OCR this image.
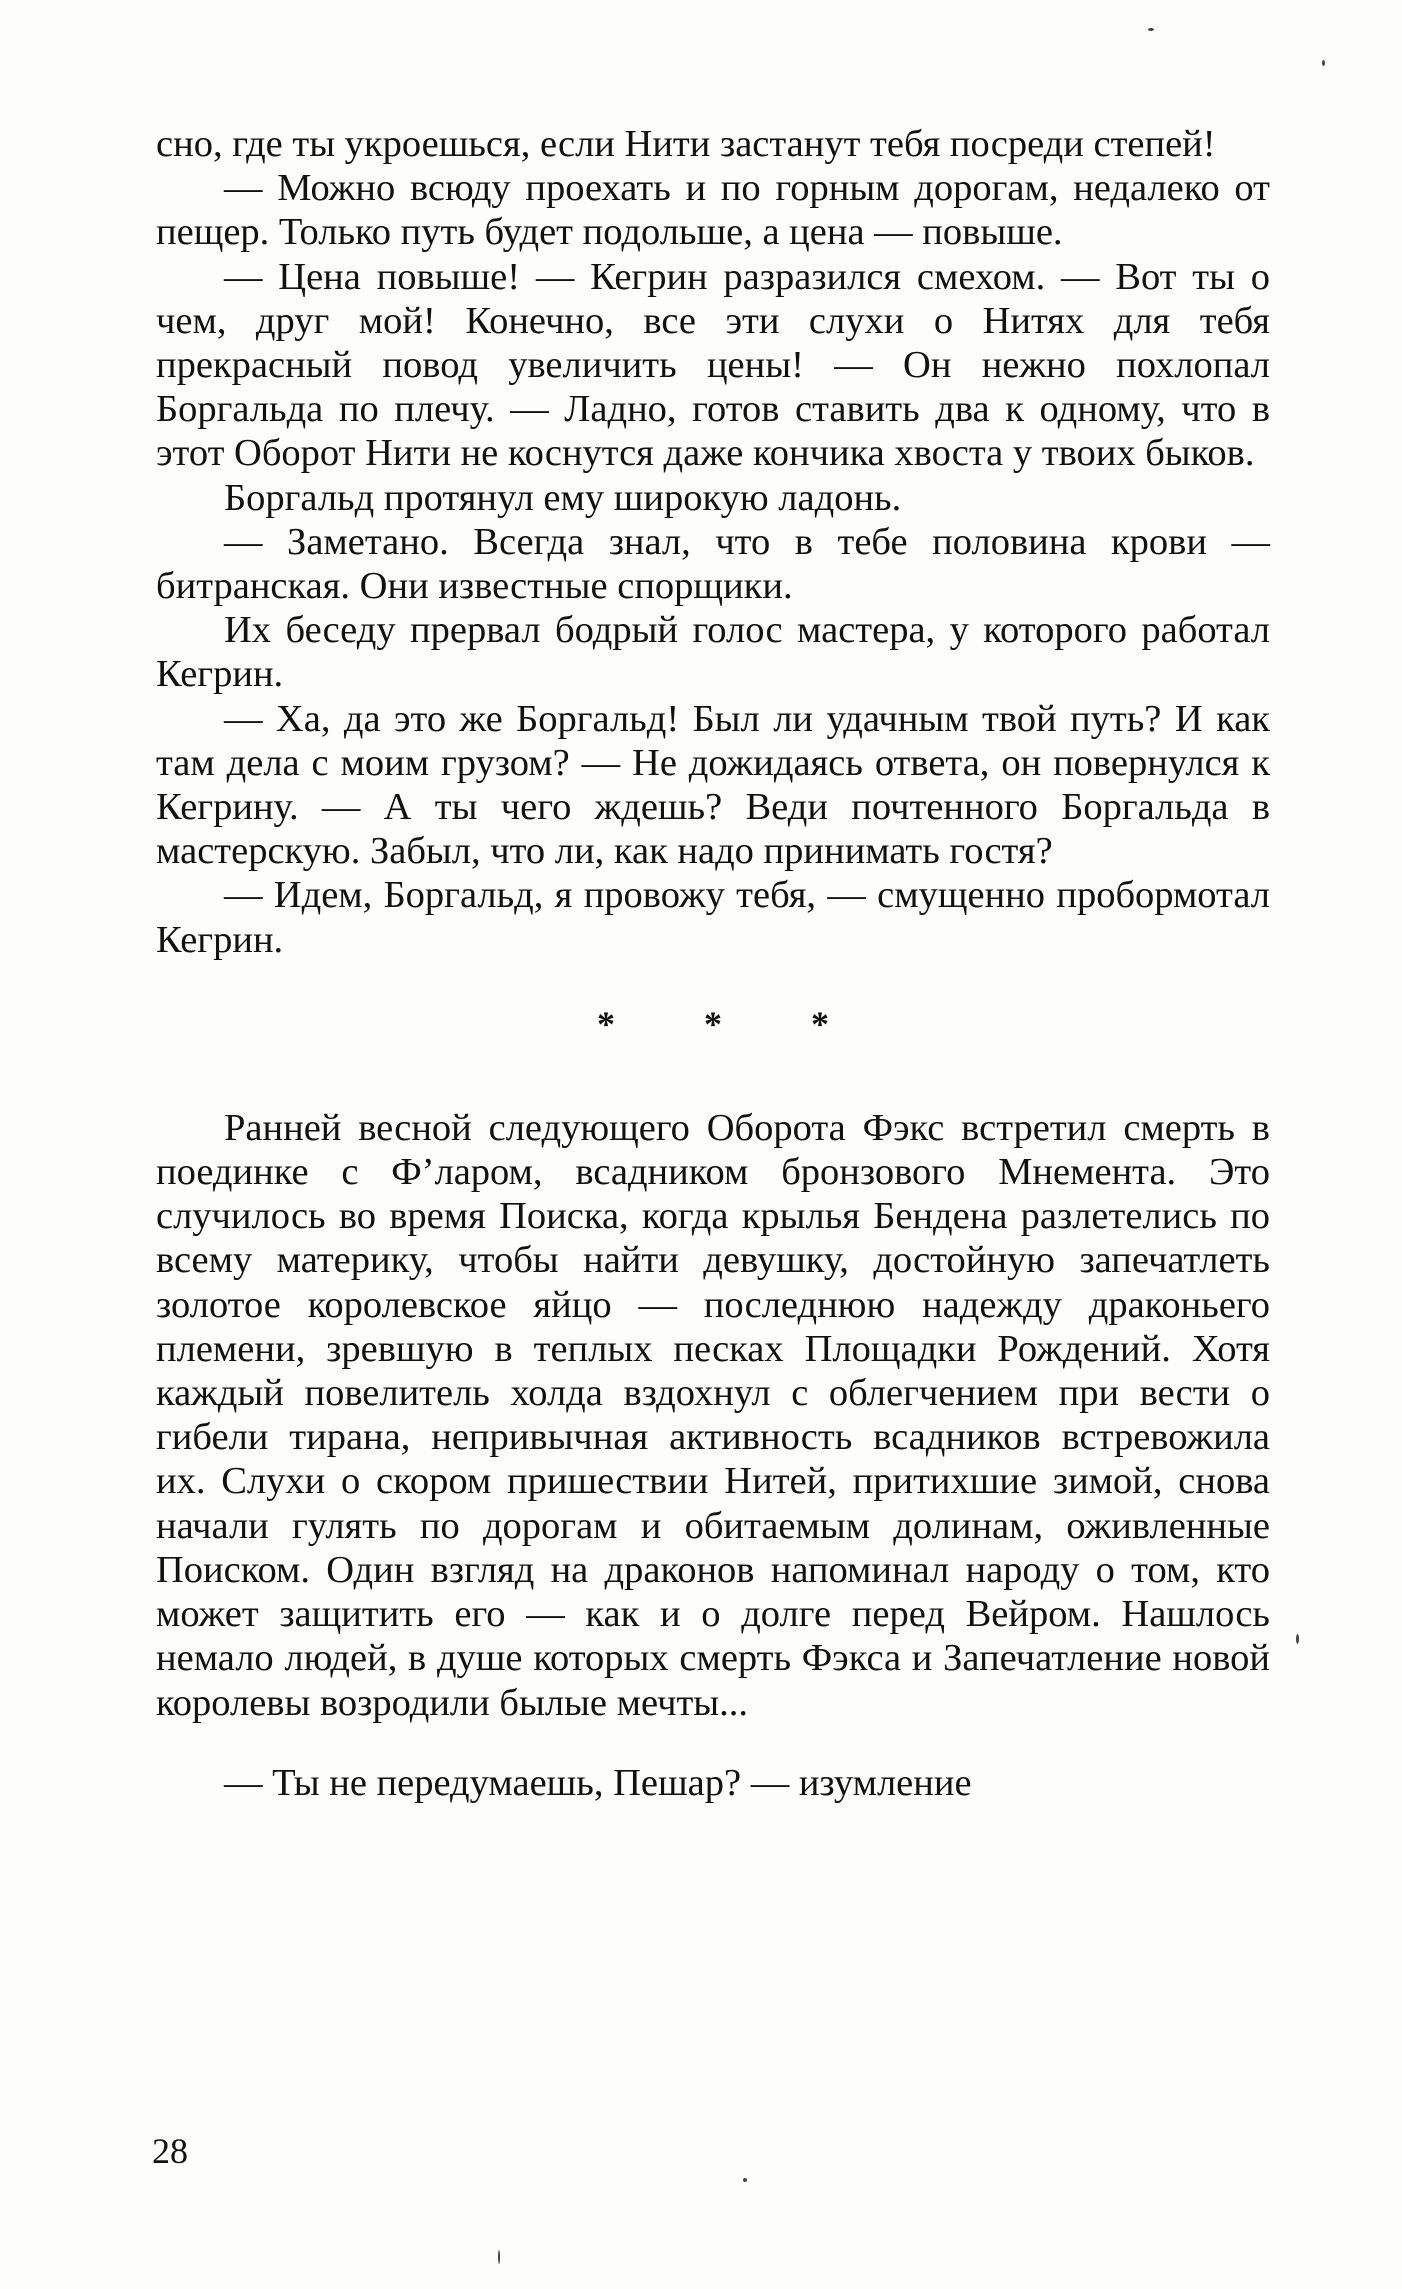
сно, где ты укроешься, если Нити застанут тебя посреди степей!

— Можно всюду проехать и по горным дорогам, недалеко от пещер. Только путь будет подольше, а цена — повыше.

— Цена повыше! — Кегрин разразился смехом. — Вот ты о чем, друг мой! Конечно, все эти слухи о Нитях для тебя прекрасный повод увеличить цены! — Он нежно похлопал Боргальда по плечу. — Ладно, готов ставить два к одному, что в этот Оборот Нити не коснутся даже кончика хвоста у твоих быков.

Боргальд протянул ему широкую ладонь.

— Заметано. Всегда знал, что в тебе половина крови — битранская. Они известные спорщики.

Их беседу прервал бодрый голос мастера, у которого работал Кегрин.

— Ха, да это же Боргальд! Был ли удачным твой путь? И как там дела с моим грузом? — Не дожидаясь ответа, он повернулся к Кегрину. — А ты чего ждешь? Веди почтенного Боргальда в мастерскую. Забыл, что ли, как надо принимать гостя?

— Идем, Боргальд, я провожу тебя, — смущенно пробормотал Кегрин.

* * *

Ранней весной следующего Оборота Фэкс встретил смерть в поединке с Ф’ларом, всадником бронзового Мнемента. Это случилось во время Поиска, когда крылья Бендена разлетелись по всему материку, чтобы найти девушку, достойную запечатлеть золотое королевское яйцо — последнюю надежду драконьего племени, зревшую в теплых песках Площадки Рождений. Хотя каждый повелитель холда вздохнул с облегчением при вести о гибели тирана, непривычная активность всадников встревожила их. Слухи о скором пришествии Нитей, притихшие зимой, снова начали гулять по дорогам и обитаемым долинам, оживленные Поиском. Один взгляд на драконов напоминал народу о том, кто может защитить его — как и о долге перед Вейром. Нашлось немало людей, в душе которых смерть Фэкса и Запечатление новой королевы возродили былые мечты...

— Ты не передумаешь, Пешар? — изумление

28
